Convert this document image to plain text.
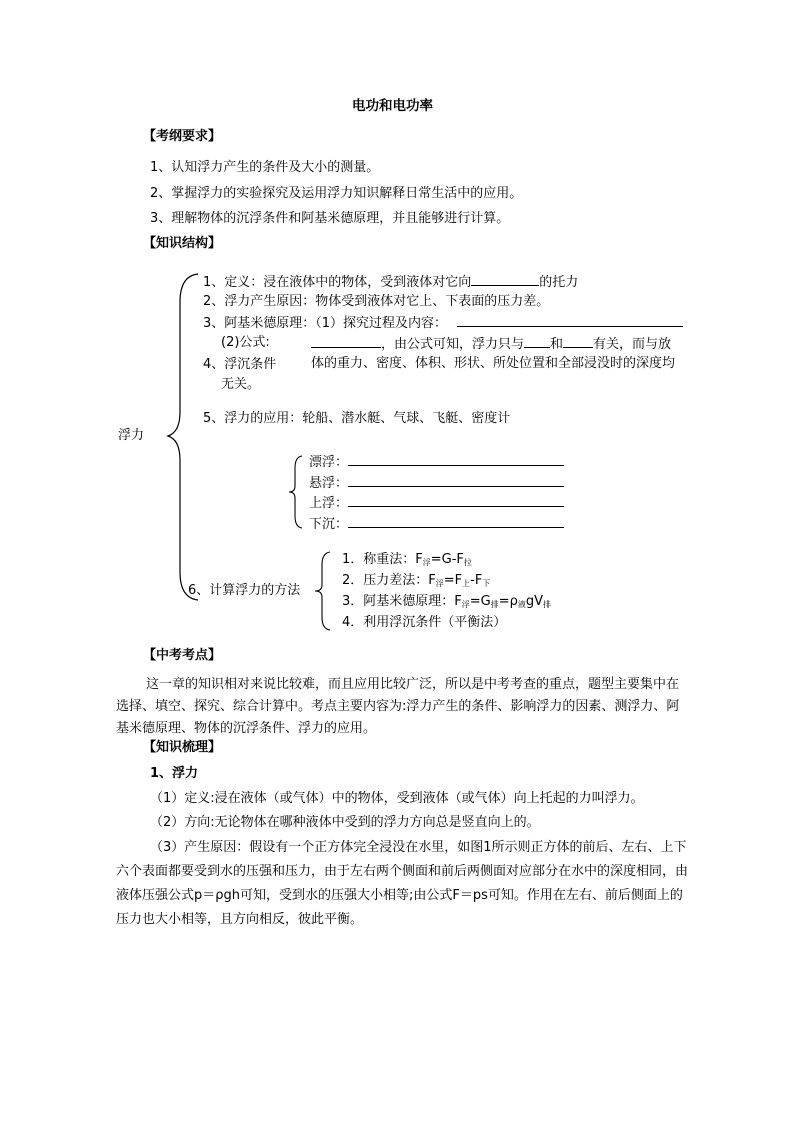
电功和电功率
【考纲要求】
1、认知浮力产生的条件及大小的测量。
2、掌握浮力的实验探究及运用浮力知识解释日常生活中的应用。
3、理解物体的沉浮条件和阿基米德原理，并且能够进行计算。
【知识结构】
浮力
1、定义：浸在液体中的物体，受到液体对它向	的托力
2、浮力产生原因：物体受到液体对它上、下表面的压力差。
3、阿基米德原理：（1）探究过程及内容：
(2)公式:	，由公式可知，浮力只与 和 有关，而与放
4、浮沉条件	体的重力、密度、体积、形状、所处位置和全部浸没时的深度均
无关。
5、浮力的应用：轮船、潜水艇、气球、飞艇、密度计
漂浮：
悬浮：
上浮：
下沉：
6、计算浮力的方法
1．称重法：$F_浮=G-F_拉$
2．压力差法：$F_浮=F_上-F_下$
3．阿基米德原理：$F_浮=G_排=\rho_液gV_排$
4．利用浮沉条件（平衡法）
【中考考点】
这一章的知识相对来说比较难，而且应用比较广泛，所以是中考考查的重点，题型主要集中在选择、填空、探究、综合计算中。考点主要内容为:浮力产生的条件、影响浮力的因素、测浮力、阿基米德原理、物体的沉浮条件、浮力的应用。
【知识梳理】
1、浮力
（1）定义:浸在液体（或气体）中的物体，受到液体（或气体）向上托起的力叫浮力。
（2）方向:无论物体在哪种液体中受到的浮力方向总是竖直向上的。
（3）产生原因：假设有一个正方体完全浸没在水里，如图1所示则正方体的前后、左右、上下六个表面都要受到水的压强和压力，由于左右两个侧面和前后两侧面对应部分在水中的深度相同，由液体压强公式p＝ρgh可知，受到水的压强大小相等;由公式F＝ps可知。作用在左右、前后侧面上的压力也大小相等，且方向相反，彼此平衡。
